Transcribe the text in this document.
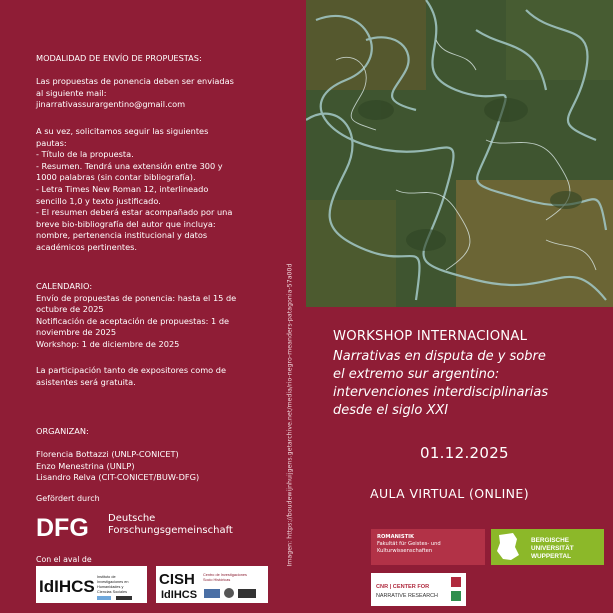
MODALIDAD DE ENVÍO DE PROPUESTAS:
Las propuestas de ponencia deben ser enviadas
al siguiente mail:
jinarrativassurargentino@gmail.com
A su vez, solicitamos seguir las siguientes
pautas:
- Título de la propuesta.
- Resumen. Tendrá una extensión entre 300 y
1000 palabras (sin contar bibliografía).
- Letra Times New Roman 12, interlineado
sencillo 1,0 y texto justificado.
- El resumen deberá estar acompañado por una
breve bio-bibliografía del autor que incluya:
nombre, pertenencia institucional y datos
académicos pertinentes.
CALENDARIO:
Envío de propuestas de ponencia: hasta el 15 de
octubre de 2025
Notificación de aceptación de propuestas: 1 de
noviembre de 2025
Workshop: 1 de diciembre de 2025
La participación tanto de expositores como de
asistentes será gratuita.
ORGANIZAN:

Florencia Bottazzi (UNLP-CONICET)
Enzo Menestrina (UNLP)
Lisandro Relva (CIT-CONICET/BUW-DFG)
Gefördert durch
DFG Deutsche
Forschungsgemeinschaft
Con el aval de
IdIHCS Instituto de
Investigaciones en
Humanidades y
Ciencias Sociales
CISH
IdIHCS
Centro de Investigaciones
Socio Históricas
Imagen: https://boudewijnhuijgens.getarchive.net/media/rio-negro-meanders-patagonia-57a00d	WORKSHOP INTERNACIONAL
Narrativas en disputa de y sobre
el extremo sur argentino:
intervenciones interdisciplinarias
desde el siglo XXI
01.12.2025
AULA VIRTUAL (ONLINE)
ROMANISTIK
Fakultät für Geistes- und Kulturwissenschaften
BERGISCHE
UNIVERSITÄT
WUPPERTAL
CNR | CENTER FOR
NARRATIVE RESEARCH
